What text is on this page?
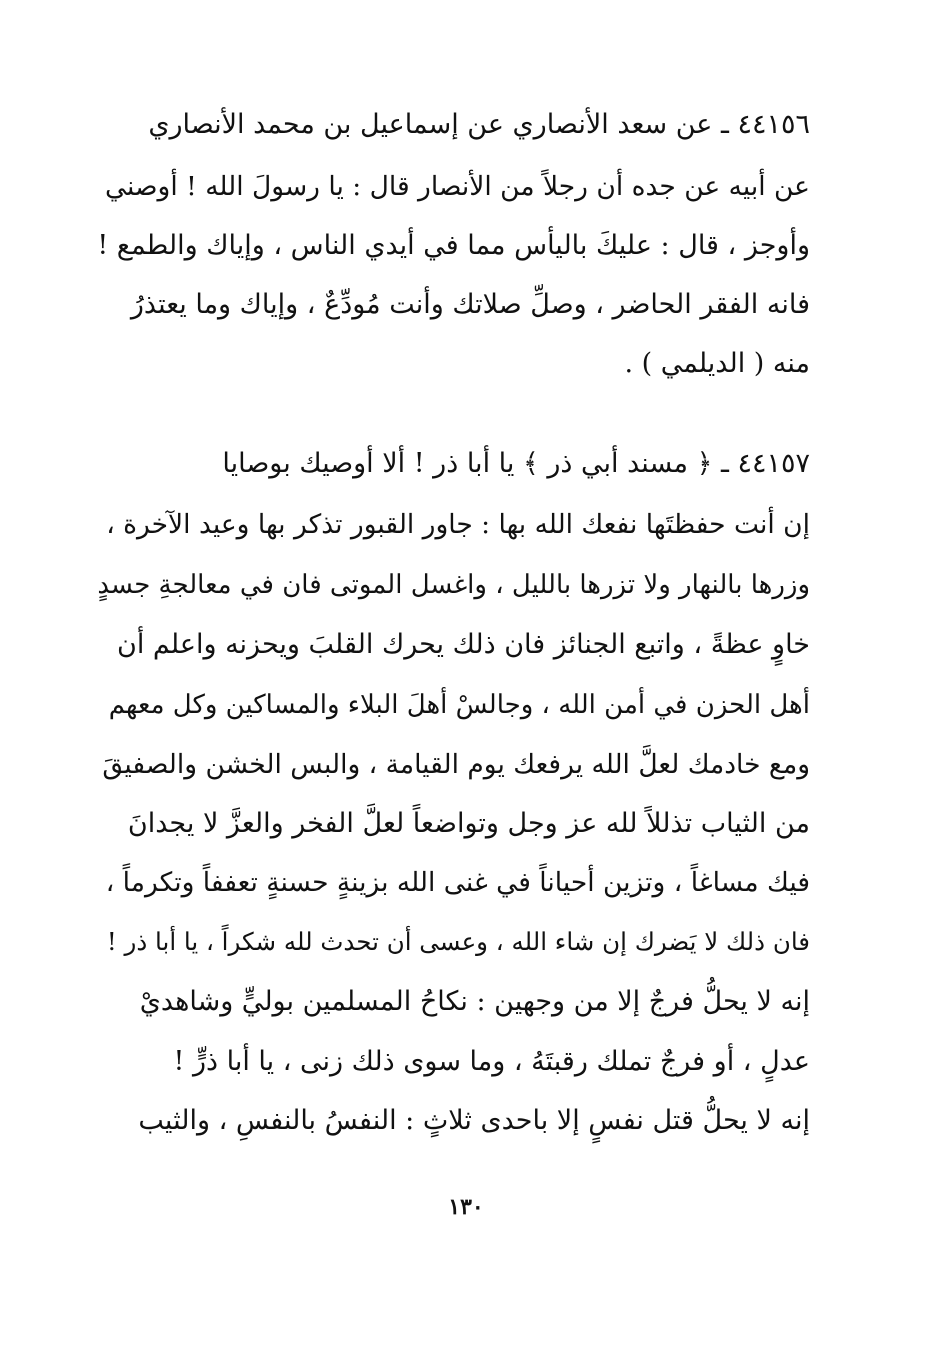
٤٤١٥٦ ـ عن سعد الأنصاري عن إسماعيل بن محمد الأنصاري
عن أبيه عن جده أن رجلاً من الأنصار قال : يا رسولَ الله ! أوصني
وأوجز ، قال : عليكَ باليأس مما في أيدي الناس ، وإياك والطمع !
فانه الفقر الحاضر ، وصلِّ صلاتك وأنت مُودِّعٌ ، وإياك وما يعتذرُ
منه ( الديلمي ) .
٤٤١٥٧ ـ ﴿ مسند أبي ذر ﴾ يا أبا ذر ! ألا أوصيك بوصايا
إن أنت حفظتَها نفعك الله بها : جاور القبور تذكر بها وعيد الآخرة ،
وزرها بالنهار ولا تزرها بالليل ، واغسل الموتى فان في معالجةِ جسدٍ
خاوٍ عظةً ، واتبع الجنائز فان ذلك يحرك القلبَ ويحزنه واعلم أن
أهل الحزن في أمن الله ، وجالسْ أهلَ البلاء والمساكين وكل معهم
ومع خادمك لعلَّ الله يرفعك يوم القيامة ، والبس الخشن والصفيقَ
من الثياب تذللاً لله عز وجل وتواضعاً لعلَّ الفخر والعزَّ لا يجدانَ
فيك مساغاً ، وتزين أحياناً في غنى الله بزينةٍ حسنةٍ تعففاً وتكرماً ،
فان ذلك لا يَضرك إن شاء الله ، وعسى أن تحدث لله شكراً ، يا أبا ذر !
إنه لا يحلُّ فرجٌ إلا من وجهين : نكاحُ المسلمين بوليٍّ وشاهديْ
عدلٍ ، أو فرجٌ تملك رقبتَهُ ، وما سوى ذلك زنى ، يا أبا ذرٍّ !
إنه لا يحلُّ قتل نفسٍ إلا باحدى ثلاثٍ : النفسُ بالنفسِ ، والثيب
١٣٠
